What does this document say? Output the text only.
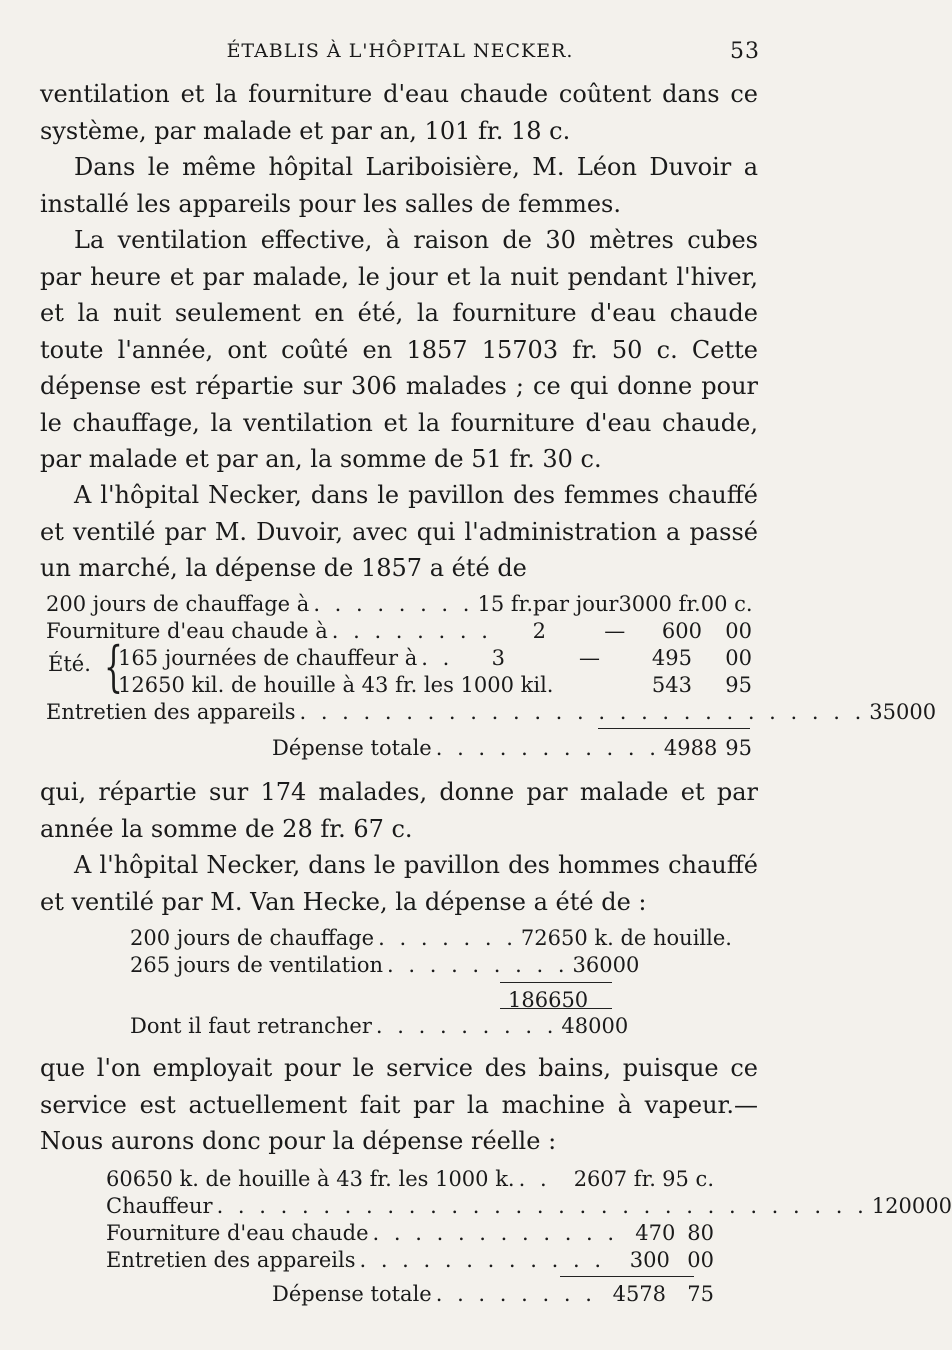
ÉTABLIS À L'HÔPITAL NECKER.	53
ventilation et la fourniture d'eau chaude coûtent dans ce système, par malade et par an, 101 fr. 18 c.
Dans le même hôpital Lariboisière, M. Léon Duvoir a installé les appareils pour les salles de femmes.
La ventilation effective, à raison de 30 mètres cubes par heure et par malade, le jour et la nuit pendant l'hiver, et la nuit seulement en été, la fourniture d'eau chaude toute l'année, ont coûté en 1857 15703 fr. 50 c. Cette dépense est répartie sur 306 malades ; ce qui donne pour le chauffage, la ventilation et la fourniture d'eau chaude, par malade et par an, la somme de 51 fr. 30 c.
A l'hôpital Necker, dans le pavillon des femmes chauffé et ventilé par M. Duvoir, avec qui l'administration a passé un marché, la dépense de 1857 a été de
200 jours de chauffage à . . . . . . . . 15 fr. par jour 3000 fr. 00 c.
Fourniture d'eau chaude à . . . . . . . .	2	—	600	00
Été. {
165 journées de chauffeur à . .	3	—	495	00
12650 kil. de houille à 43 fr. les 1000 kil.	543	95
Entretien des appareils . . . . . . . . . . . . . . . . . . . . . . . . . . . 350 00
Dépense totale . . . . . . . . . . . 4988 95
qui, répartie sur 174 malades, donne par malade et par année la somme de 28 fr. 67 c.
A l'hôpital Necker, dans le pavillon des hommes chauffé et ventilé par M. Van Hecke, la dépense a été de :
200 jours de chauffage . . . . . . . 72650 k. de houille.
265 jours de ventilation . . . . . . . . . 36000
186650
Dont il faut retrancher . . . . . . . . . 48000
que l'on employait pour le service des bains, puisque ce service est actuellement fait par la machine à vapeur.—Nous aurons donc pour la dépense réelle :
60650 k. de houille à 43 fr. les 1000 k. . .	2607 fr. 95 c.
Chauffeur . . . . . . . . . . . . . . . . . . . . . . . . . . . . . . . 1200 00
Fourniture d'eau chaude . . . . . . . . . . . . 470 80
Entretien des appareils . . . . . . . . . . . .	300 00
Dépense totale . . . . . . . . 4578	75
